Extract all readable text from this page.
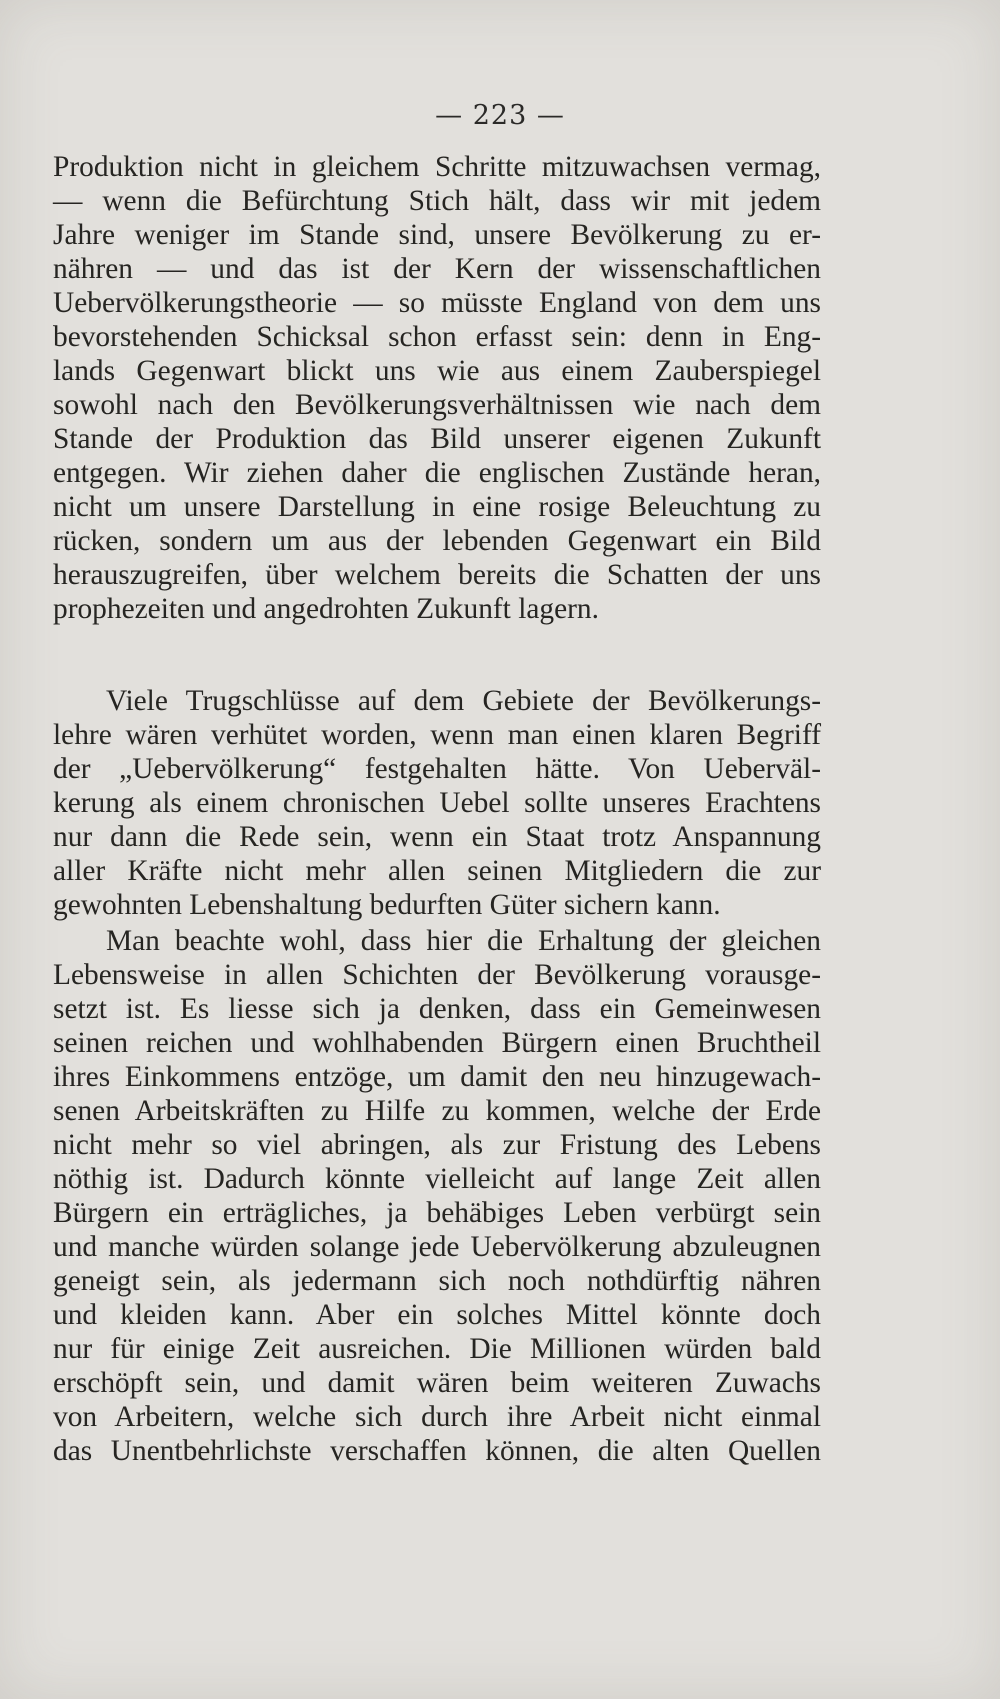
— 223 —
Produktion nicht in gleichem Schritte mitzuwachsen vermag,
— wenn die Befürchtung Stich hält, dass wir mit jedem
Jahre weniger im Stande sind, unsere Bevölkerung zu er-
nähren — und das ist der Kern der wissenschaftlichen
Uebervölkerungstheorie — so müsste England von dem uns
bevorstehenden Schicksal schon erfasst sein: denn in Eng-
lands Gegenwart blickt uns wie aus einem Zauberspiegel
sowohl nach den Bevölkerungsverhältnissen wie nach dem
Stande der Produktion das Bild unserer eigenen Zukunft
entgegen. Wir ziehen daher die englischen Zustände heran,
nicht um unsere Darstellung in eine rosige Beleuchtung zu
rücken, sondern um aus der lebenden Gegenwart ein Bild
herauszugreifen, über welchem bereits die Schatten der uns
prophezeiten und angedrohten Zukunft lagern.
Viele Trugschlüsse auf dem Gebiete der Bevölkerungs-
lehre wären verhütet worden, wenn man einen klaren Begriff
der „Uebervölkerung“ festgehalten hätte. Von Ueberväl-
kerung als einem chronischen Uebel sollte unseres Erachtens
nur dann die Rede sein, wenn ein Staat trotz Anspannung
aller Kräfte nicht mehr allen seinen Mitgliedern die zur
gewohnten Lebenshaltung bedurften Güter sichern kann.
Man beachte wohl, dass hier die Erhaltung der gleichen
Lebensweise in allen Schichten der Bevölkerung vorausge-
setzt ist. Es liesse sich ja denken, dass ein Gemeinwesen
seinen reichen und wohlhabenden Bürgern einen Bruchtheil
ihres Einkommens entzöge, um damit den neu hinzugewach-
senen Arbeitskräften zu Hilfe zu kommen, welche der Erde
nicht mehr so viel abringen, als zur Fristung des Lebens
nöthig ist. Dadurch könnte vielleicht auf lange Zeit allen
Bürgern ein erträgliches, ja behäbiges Leben verbürgt sein
und manche würden solange jede Uebervölkerung abzuleugnen
geneigt sein, als jedermann sich noch nothdürftig nähren
und kleiden kann. Aber ein solches Mittel könnte doch
nur für einige Zeit ausreichen. Die Millionen würden bald
erschöpft sein, und damit wären beim weiteren Zuwachs
von Arbeitern, welche sich durch ihre Arbeit nicht einmal
das Unentbehrlichste verschaffen können, die alten Quellen
